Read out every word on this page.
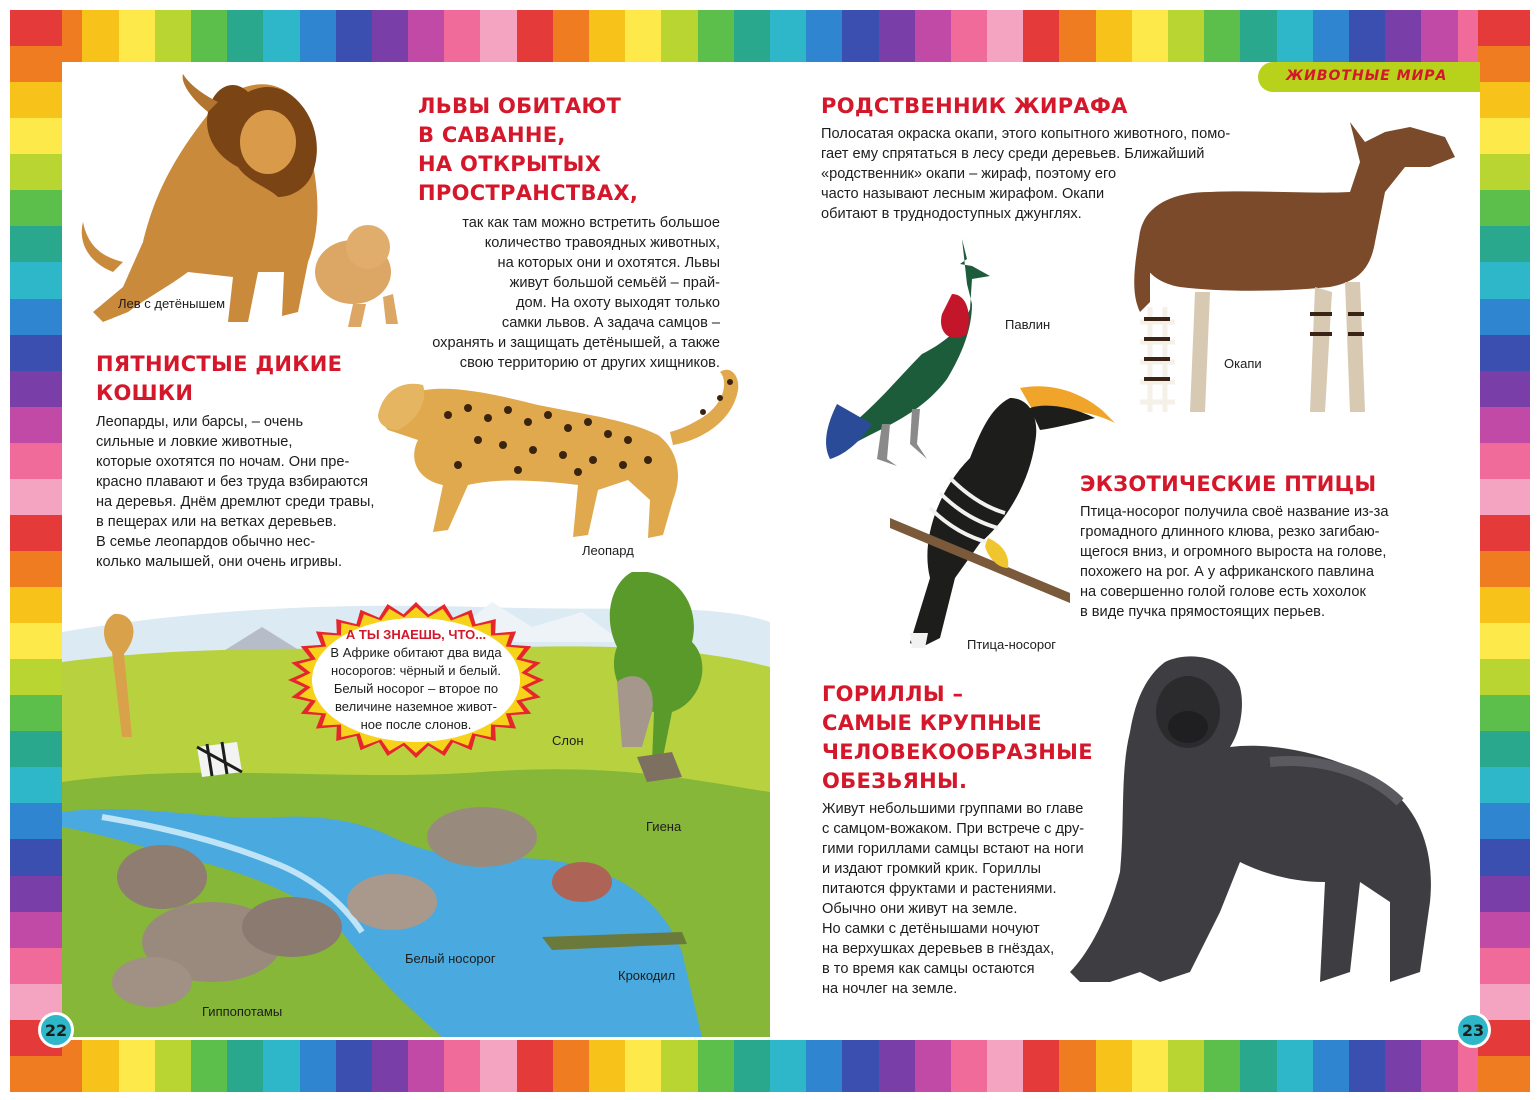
ЖИВОТНЫЕ МИРА
Лев с детёнышем
ЛЬВЫ ОБИТАЮТ
В САВАННЕ,
НА ОТКРЫТЫХ
ПРОСТРАНСТВАХ,
так как там можно встретить большое
количество травоядных животных,
на которых они и охотятся. Львы
живут большой семьёй – прай-
дом. На охоту выходят только
самки львов. А задача самцов –
охранять и защищать детёнышей, а также
свою территорию от других хищников.
ПЯТНИСТЫЕ ДИКИЕ
КОШКИ
Леопарды, или барсы, – очень
сильные и ловкие животные,
которые охотятся по ночам. Они пре-
красно плавают и без труда взбираются
на деревья. Днём дремлют среди травы,
в пещерах или на ветках деревьев.
В семье леопардов обычно нес-
колько малышей, они очень игривы.
Леопард
А ТЫ ЗНАЕШЬ, ЧТО...
В Африке обитают два вида
носорогов: чёрный и белый.
Белый носорог – второе по
величине наземное живот-
ное после слонов.
Слон
Гиена
Белый носорог
Крокодил
Гиппопотамы
22
РОДСТВЕННИК ЖИРАФА
Полосатая окраска окапи, этого копытного животного, помо-
гает ему спрятаться в лесу среди деревьев. Ближайший
«родственник» окапи – жираф, поэтому его
часто называют лесным жирафом. Окапи
обитают в труднодоступных джунглях.
Окапи
Павлин
Птица-носорог
ЭКЗОТИЧЕСКИЕ ПТИЦЫ
Птица-носорог получила своё название из-за
громадного длинного клюва, резко загибаю-
щегося вниз, и огромного выроста на голове,
похожего на рог. А у африканского павлина
на совершенно голой голове есть хохолок
в виде пучка прямостоящих перьев.
ГОРИЛЛЫ –
САМЫЕ КРУПНЫЕ
ЧЕЛОВЕКООБРАЗНЫЕ
ОБЕЗЬЯНЫ.
Живут небольшими группами во главе
с самцом-вожаком. При встрече с дру-
гими гориллами самцы встают на ноги
и издают громкий крик. Гориллы
питаются фруктами и растениями.
Обычно они живут на земле.
Но самки с детёнышами ночуют
на верхушках деревьев в гнёздах,
в то время как самцы остаются
на ночлег на земле.
23
